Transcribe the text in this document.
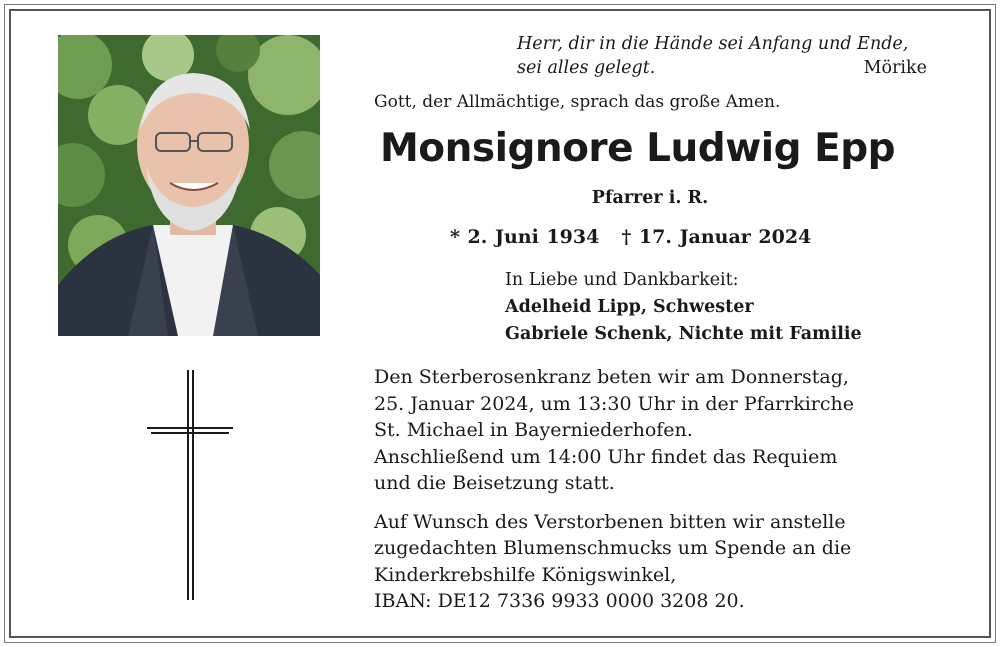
Herr, dir in die Hände sei Anfang und Ende,
sei alles gelegt.	Mörike
Gott, der Allmächtige, sprach das große Amen.
Monsignore Ludwig Epp
Pfarrer i. R.
* 2. Juni 1934 † 17. Januar 2024
In Liebe und Dankbarkeit:
Adelheid Lipp, Schwester
Gabriele Schenk, Nichte mit Familie

Den Sterberosenkranz beten wir am Donnerstag,
25. Januar 2024, um 13:30 Uhr in der Pfarrkirche
St. Michael in Bayerniederhofen.
Anschließend um 14:00 Uhr findet das Requiem
und die Beisetzung statt.

Auf Wunsch des Verstorbenen bitten wir anstelle
zugedachten Blumenschmucks um Spende an die
Kinderkrebshilfe Königswinkel,
IBAN: DE12 7336 9933 0000 3208 20.
